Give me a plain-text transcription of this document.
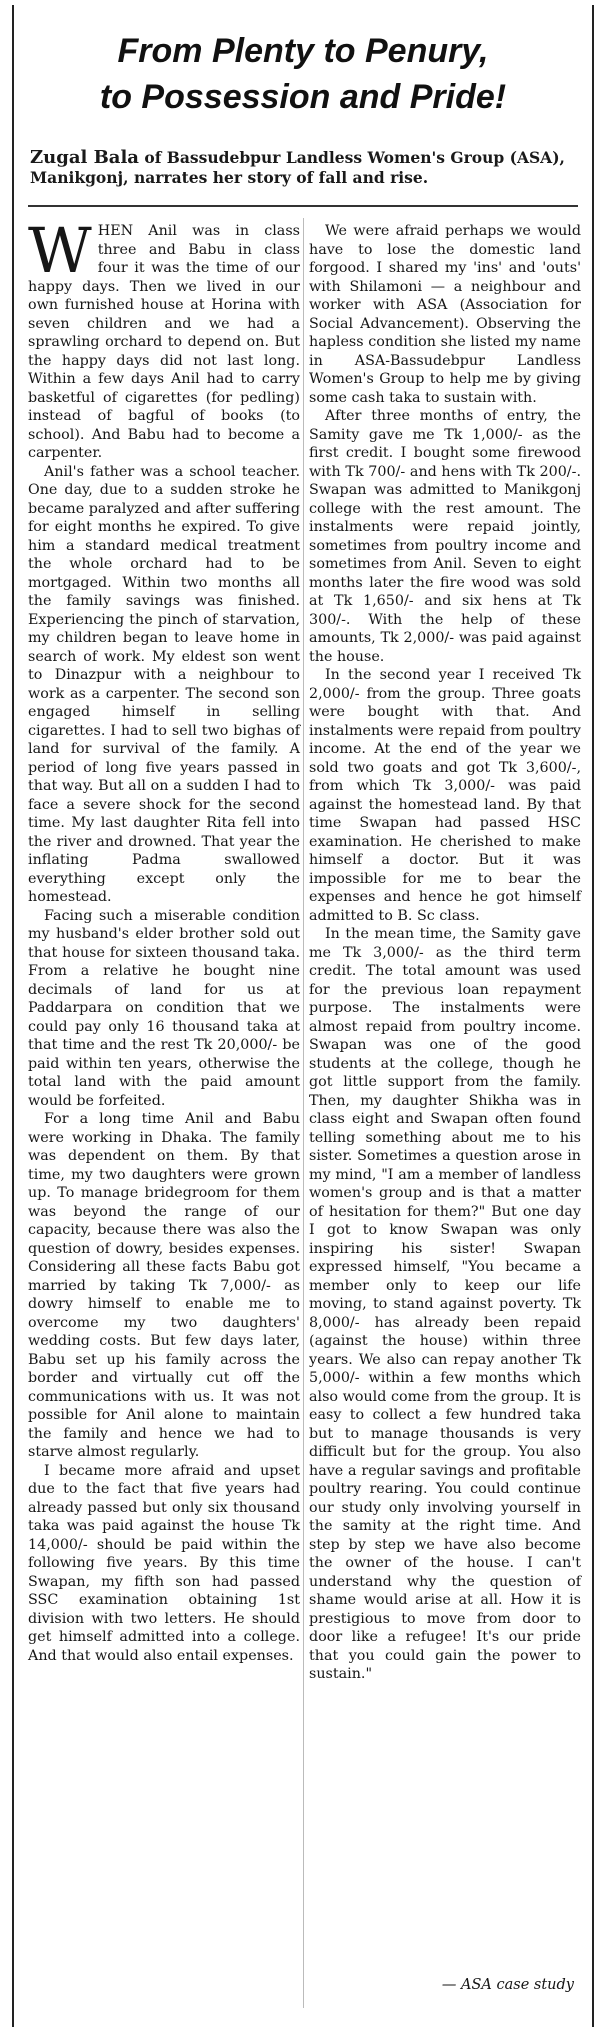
From Plenty to Penury,
to Possession and Pride!

Zugal Bala of Bassudebpur Landless Women's Group (ASA), Manikgonj, narrates her story of fall and rise.

WHEN Anil was in class three and Babu in class four it was the time of our happy days. Then we lived in our own furnished house at Horina with seven children and we had a sprawling orchard to depend on. But the happy days did not last long. Within a few days Anil had to carry basketful of cigarettes (for pedling) instead of bagful of books (to school). And Babu had to become a carpenter.

Anil's father was a school teacher. One day, due to a sudden stroke he became paralyzed and after suffering for eight months he expired. To give him a standard medical treatment the whole orchard had to be mortgaged. Within two months all the family savings was finished. Experiencing the pinch of starvation, my children began to leave home in search of work. My eldest son went to Dinazpur with a neighbour to work as a carpenter. The second son engaged himself in selling cigarettes. I had to sell two bighas of land for survival of the family. A period of long five years passed in that way. But all on a sudden I had to face a severe shock for the second time. My last daughter Rita fell into the river and drowned. That year the inflating Padma swallowed everything except only the homestead.

Facing such a miserable condition my husband's elder brother sold out that house for sixteen thousand taka. From a relative he bought nine decimals of land for us at Paddarpara on condition that we could pay only 16 thousand taka at that time and the rest Tk 20,000/- be paid within ten years, otherwise the total land with the paid amount would be forfeited.

For a long time Anil and Babu were working in Dhaka. The family was dependent on them. By that time, my two daughters were grown up. To manage bridegroom for them was beyond the range of our capacity, because there was also the question of dowry, besides expenses. Considering all these facts Babu got married by taking Tk 7,000/- as dowry himself to enable me to overcome my two daughters' wedding costs. But few days later, Babu set up his family across the border and virtually cut off the communications with us. It was not possible for Anil alone to maintain the family and hence we had to starve almost regularly.

I became more afraid and upset due to the fact that five years had already passed but only six thousand taka was paid against the house Tk 14,000/- should be paid within the following five years. By this time Swapan, my fifth son had passed SSC examination obtaining 1st division with two letters. He should get himself admitted into a college. And that would also entail expenses.

We were afraid perhaps we would have to lose the domestic land forgood. I shared my 'ins' and 'outs' with Shilamoni — a neighbour and worker with ASA (Association for Social Advancement). Observing the hapless condition she listed my name in ASA-Bassudebpur Landless Women's Group to help me by giving some cash taka to sustain with.

After three months of entry, the Samity gave me Tk 1,000/- as the first credit. I bought some firewood with Tk 700/- and hens with Tk 200/-. Swapan was admitted to Manikgonj college with the rest amount. The instalments were repaid jointly, sometimes from poultry income and sometimes from Anil. Seven to eight months later the fire wood was sold at Tk 1,650/- and six hens at Tk 300/-. With the help of these amounts, Tk 2,000/- was paid against the house.

In the second year I received Tk 2,000/- from the group. Three goats were bought with that. And instalments were repaid from poultry income. At the end of the year we sold two goats and got Tk 3,600/-, from which Tk 3,000/- was paid against the homestead land. By that time Swapan had passed HSC examination. He cherished to make himself a doctor. But it was impossible for me to bear the expenses and hence he got himself admitted to B. Sc class.

In the mean time, the Samity gave me Tk 3,000/- as the third term credit. The total amount was used for the previous loan repayment purpose. The instalments were almost repaid from poultry income. Swapan was one of the good students at the college, though he got little support from the family. Then, my daughter Shikha was in class eight and Swapan often found telling something about me to his sister. Sometimes a question arose in my mind, "I am a member of landless women's group and is that a matter of hesitation for them?" But one day I got to know Swapan was only inspiring his sister! Swapan expressed himself, "You became a member only to keep our life moving, to stand against poverty. Tk 8,000/- has already been repaid (against the house) within three years. We also can repay another Tk 5,000/- within a few months which also would come from the group. It is easy to collect a few hundred taka but to manage thousands is very difficult but for the group. You also have a regular savings and profitable poultry rearing. You could continue our study only involving yourself in the samity at the right time. And step by step we have also become the owner of the house. I can't understand why the question of shame would arise at all. How it is prestigious to move from door to door like a refugee! It's our pride that you could gain the power to sustain."

— ASA case study
